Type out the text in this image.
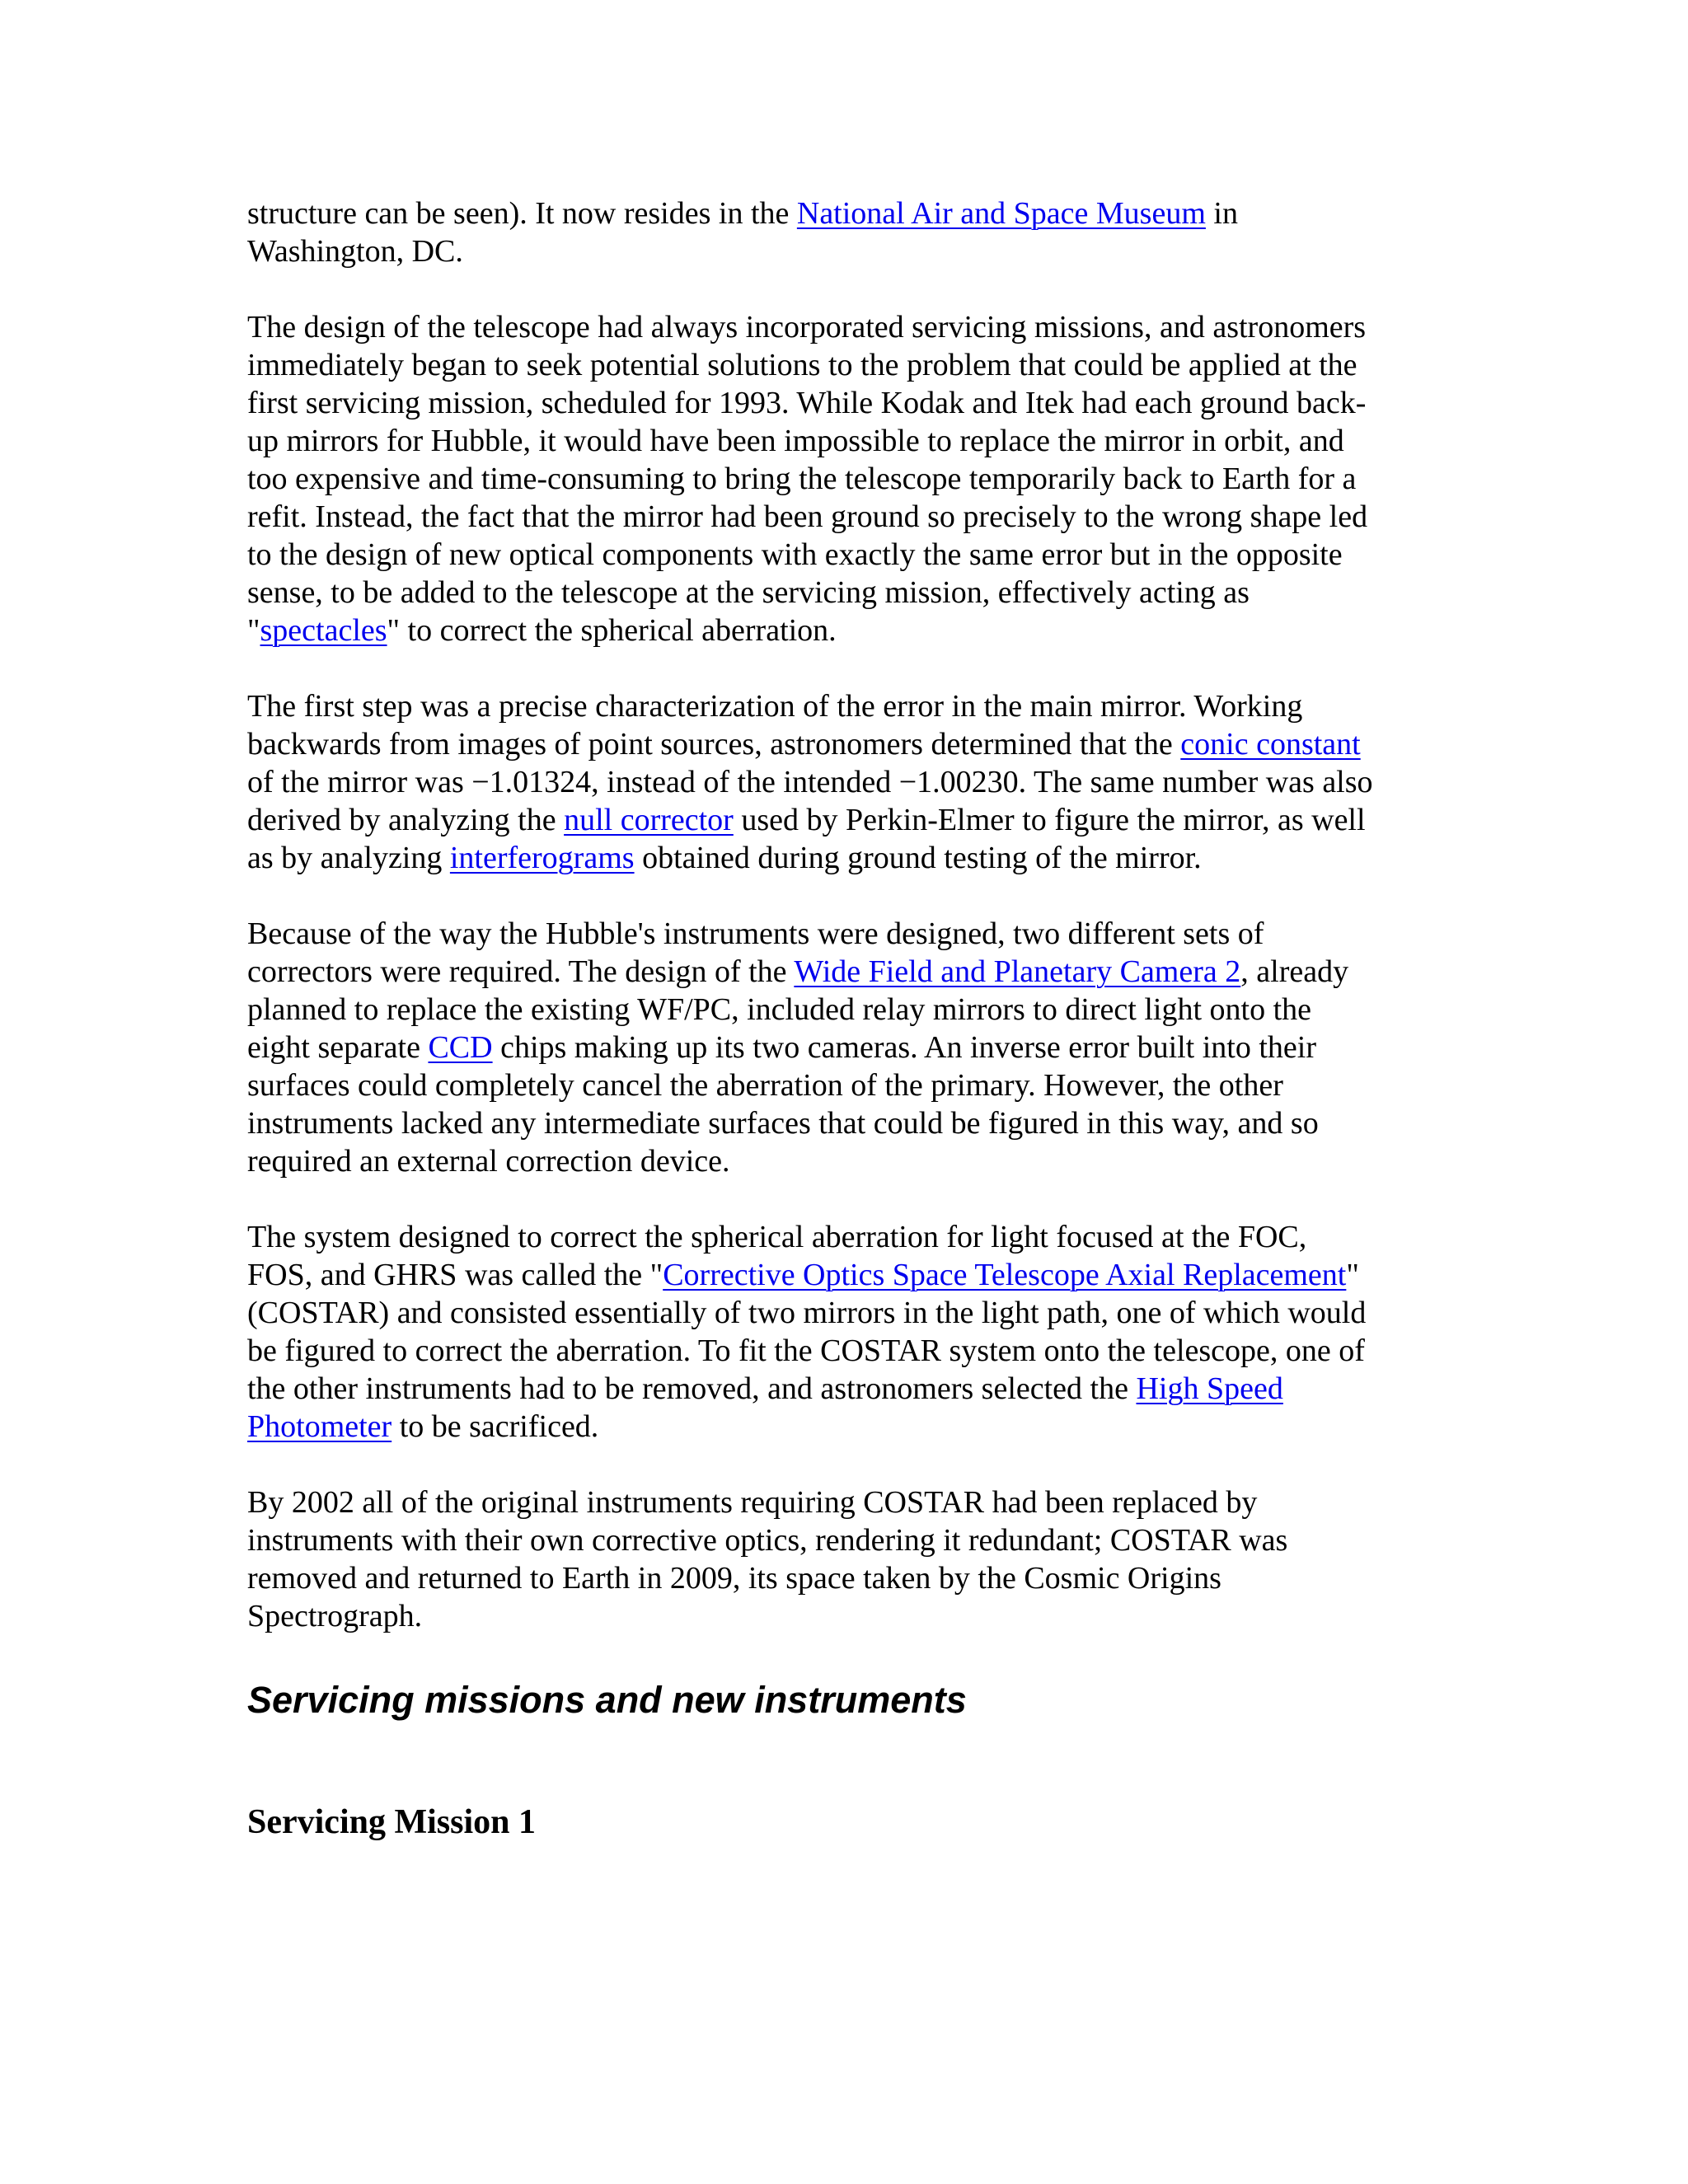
structure can be seen). It now resides in the National Air and Space Museum in
Washington, DC.

The design of the telescope had always incorporated servicing missions, and astronomers
immediately began to seek potential solutions to the problem that could be applied at the
first servicing mission, scheduled for 1993. While Kodak and Itek had each ground back-
up mirrors for Hubble, it would have been impossible to replace the mirror in orbit, and
too expensive and time-consuming to bring the telescope temporarily back to Earth for a
refit. Instead, the fact that the mirror had been ground so precisely to the wrong shape led
to the design of new optical components with exactly the same error but in the opposite
sense, to be added to the telescope at the servicing mission, effectively acting as
"spectacles" to correct the spherical aberration.

The first step was a precise characterization of the error in the main mirror. Working
backwards from images of point sources, astronomers determined that the conic constant
of the mirror was −1.01324, instead of the intended −1.00230. The same number was also
derived by analyzing the null corrector used by Perkin-Elmer to figure the mirror, as well
as by analyzing interferograms obtained during ground testing of the mirror.

Because of the way the Hubble's instruments were designed, two different sets of
correctors were required. The design of the Wide Field and Planetary Camera 2, already
planned to replace the existing WF/PC, included relay mirrors to direct light onto the
eight separate CCD chips making up its two cameras. An inverse error built into their
surfaces could completely cancel the aberration of the primary. However, the other
instruments lacked any intermediate surfaces that could be figured in this way, and so
required an external correction device.

The system designed to correct the spherical aberration for light focused at the FOC,
FOS, and GHRS was called the "Corrective Optics Space Telescope Axial Replacement"
(COSTAR) and consisted essentially of two mirrors in the light path, one of which would
be figured to correct the aberration. To fit the COSTAR system onto the telescope, one of
the other instruments had to be removed, and astronomers selected the High Speed
Photometer to be sacrificed.

By 2002 all of the original instruments requiring COSTAR had been replaced by
instruments with their own corrective optics, rendering it redundant; COSTAR was
removed and returned to Earth in 2009, its space taken by the Cosmic Origins
Spectrograph.

Servicing missions and new instruments
Servicing Mission 1
